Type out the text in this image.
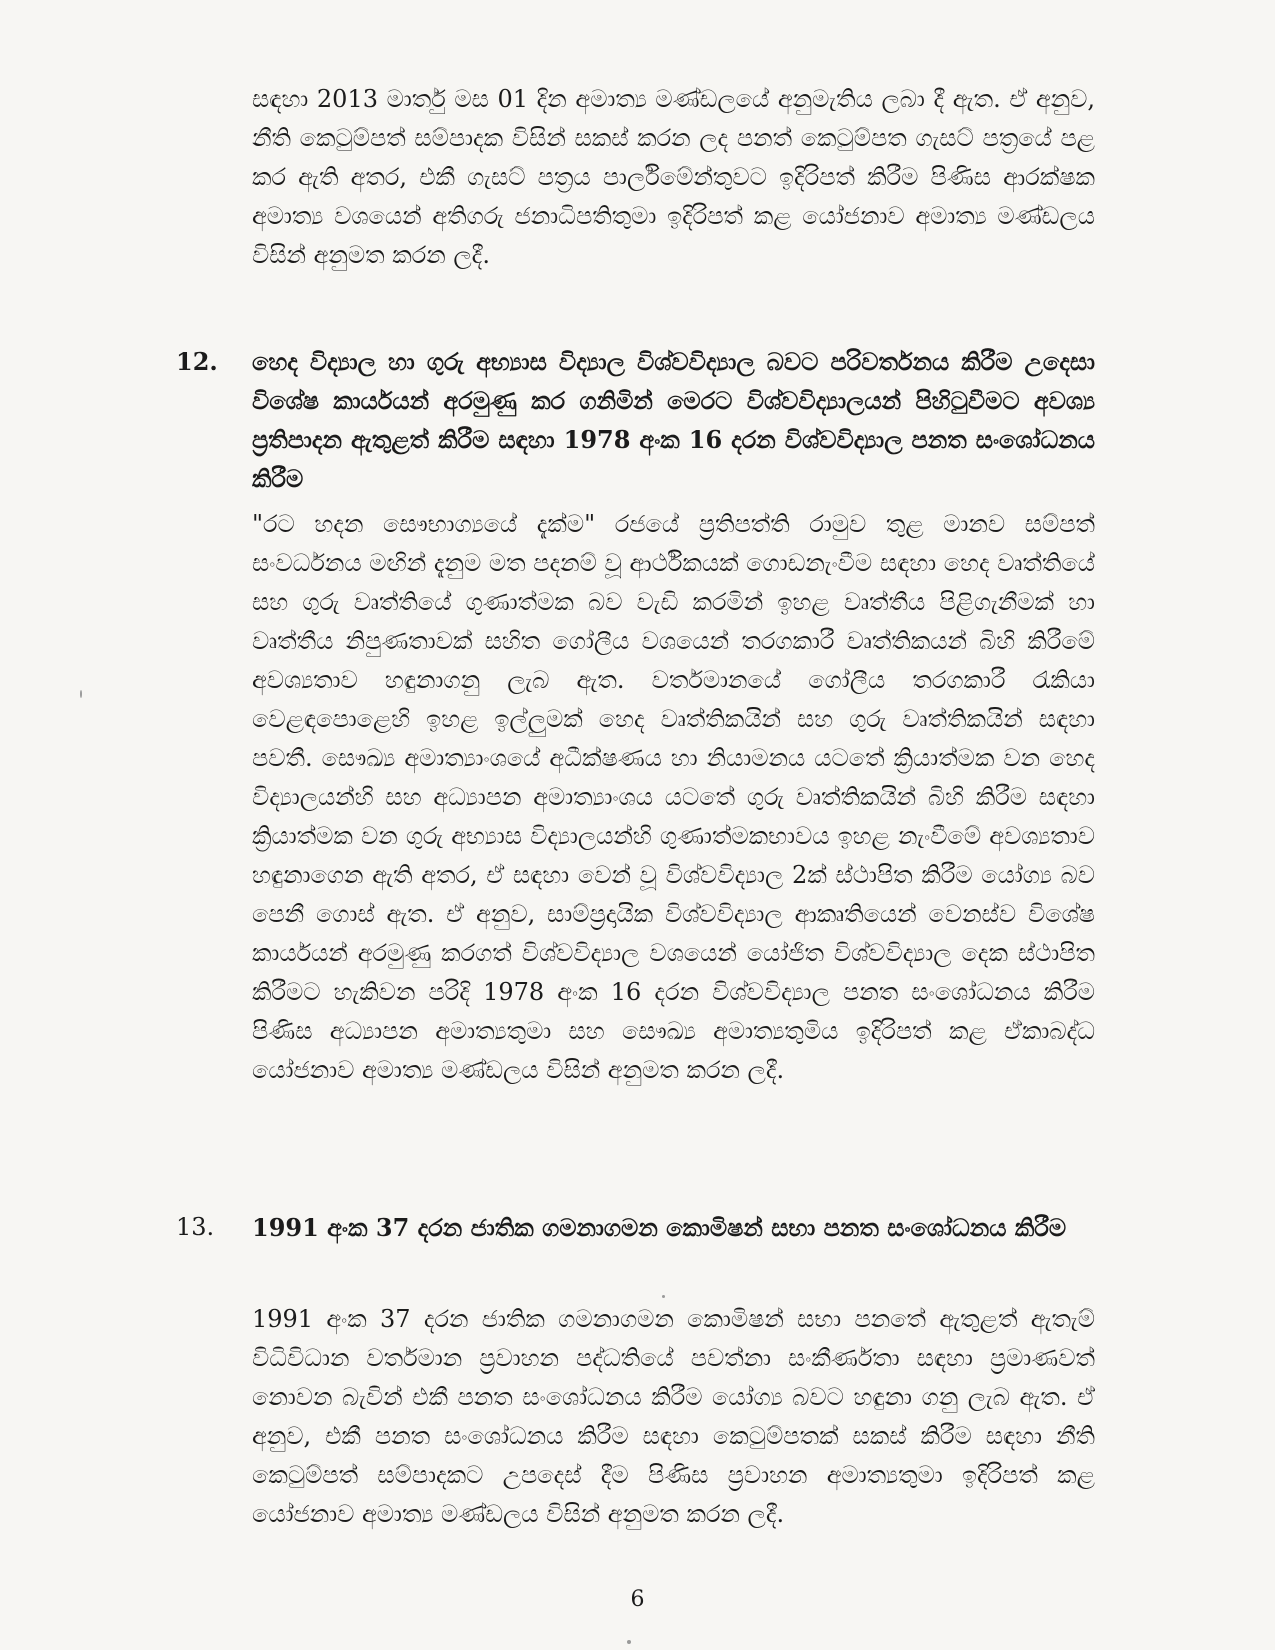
සඳහා 2013 මාර්තු මස 01 දින අමාත්‍ය මණ්ඩලයේ අනුමැතිය ලබා දී ඇත. ඒ අනුව, නීති කෙටුම්පත් සම්පාදක විසින් සකස් කරන ලද පනත් කෙටුම්පත ගැසට් පත්‍රයේ පළ කර ඇති අතර, එකී ගැසට් පත්‍රය පාර්ලිමේන්තුවට ඉදිරිපත් කිරීම පිණිස ආරක්ෂක අමාත්‍ය වශයෙන් අතිගරු ජනාධිපතිතුමා ඉදිරිපත් කළ යෝජනාව අමාත්‍ය මණ්ඩලය විසින් අනුමත කරන ලදී.

12. හෙද විද්‍යාල හා ගුරු අභ්‍යාස විද්‍යාල විශ්වවිද්‍යාල බවට පරිවර්තනය කිරීම උදෙසා විශේෂ කාර්යයන් අරමුණු කර ගනිමින් මෙරට විශ්වවිද්‍යාලයන් පිහිටුවීමට අවශ්‍ය ප්‍රතිපාදන ඇතුළත් කිරීම සඳහා 1978 අංක 16 දරන විශ්වවිද්‍යාල පනත සංශෝධනය කිරීම

"රට හදන සෞභාග්‍යයේ දැක්ම" රජයේ ප්‍රතිපත්ති රාමුව තුළ මානව සම්පත් සංවර්ධනය මඟින් දැනුම මත පදනම් වූ ආර්ථිකයක් ගොඩනැංවීම සඳහා හෙද වෘත්තියේ සහ ගුරු වෘත්තියේ ගුණාත්මක බව වැඩි කරමින් ඉහළ වෘත්තීය පිළිගැනීමක් හා වෘත්තීය නිපුණතාවක් සහිත ගෝලීය වශයෙන් තරගකාරී වෘත්තිකයන් බිහි කිරීමේ අවශ්‍යතාව හඳුනාගනු ලැබ ඇත. වර්තමානයේ ගෝලීය තරගකාරී රැකියා වෙළඳපොළෙහි ඉහළ ඉල්ලුමක් හෙද වෘත්තිකයින් සහ ගුරු වෘත්තිකයින් සඳහා පවතී. සෞඛ්‍ය අමාත්‍යාංශයේ අධීක්ෂණය හා නියාමනය යටතේ ක්‍රියාත්මක වන හෙද විද්‍යාලයන්හි සහ අධ්‍යාපන අමාත්‍යාංශය යටතේ ගුරු වෘත්තිකයින් බිහි කිරීම සඳහා ක්‍රියාත්මක වන ගුරු අභ්‍යාස විද්‍යාලයන්හි ගුණාත්මකභාවය ඉහළ නැංවීමේ අවශ්‍යතාව හඳුනාගෙන ඇති අතර, ඒ සඳහා වෙන් වූ විශ්වවිද්‍යාල 2ක් ස්ථාපිත කිරීම යෝග්‍ය බව පෙනී ගොස් ඇත. ඒ අනුව, සාම්ප්‍රදායික විශ්වවිද්‍යාල ආකෘතියෙන් වෙනස්ව විශේෂ කාර්යයන් අරමුණු කරගත් විශ්වවිද්‍යාල වශයෙන් යෝජිත විශ්වවිද්‍යාල දෙක ස්ථාපිත කිරීමට හැකිවන පරිදි 1978 අංක 16 දරන විශ්වවිද්‍යාල පනත සංශෝධනය කිරීම පිණිස අධ්‍යාපන අමාත්‍යතුමා සහ සෞඛ්‍ය අමාත්‍යතුමිය ඉදිරිපත් කළ ඒකාබද්ධ යෝජනාව අමාත්‍ය මණ්ඩලය විසින් අනුමත කරන ලදී.

13. 1991 අංක 37 දරන ජාතික ගමනාගමන කොමිෂන් සභා පනත සංශෝධනය කිරීම

1991 අංක 37 දරන ජාතික ගමනාගමන කොමිෂන් සභා පනතේ ඇතුළත් ඇතැම් විධිවිධාන වර්තමාන ප්‍රවාහන පද්ධතියේ පවත්නා සංකීර්ණතා සඳහා ප්‍රමාණවත් නොවන බැවින් එකී පනත සංශෝධනය කිරීම යෝග්‍ය බවට හඳුනා ගනු ලැබ ඇත. ඒ අනුව, එකී පනත සංශෝධනය කිරීම සඳහා කෙටුම්පතක් සකස් කිරීම සඳහා නීති කෙටුම්පත් සම්පාදකට උපදෙස් දීම පිණිස ප්‍රවාහන අමාත්‍යතුමා ඉදිරිපත් කළ යෝජනාව අමාත්‍ය මණ්ඩලය විසින් අනුමත කරන ලදී.

6
